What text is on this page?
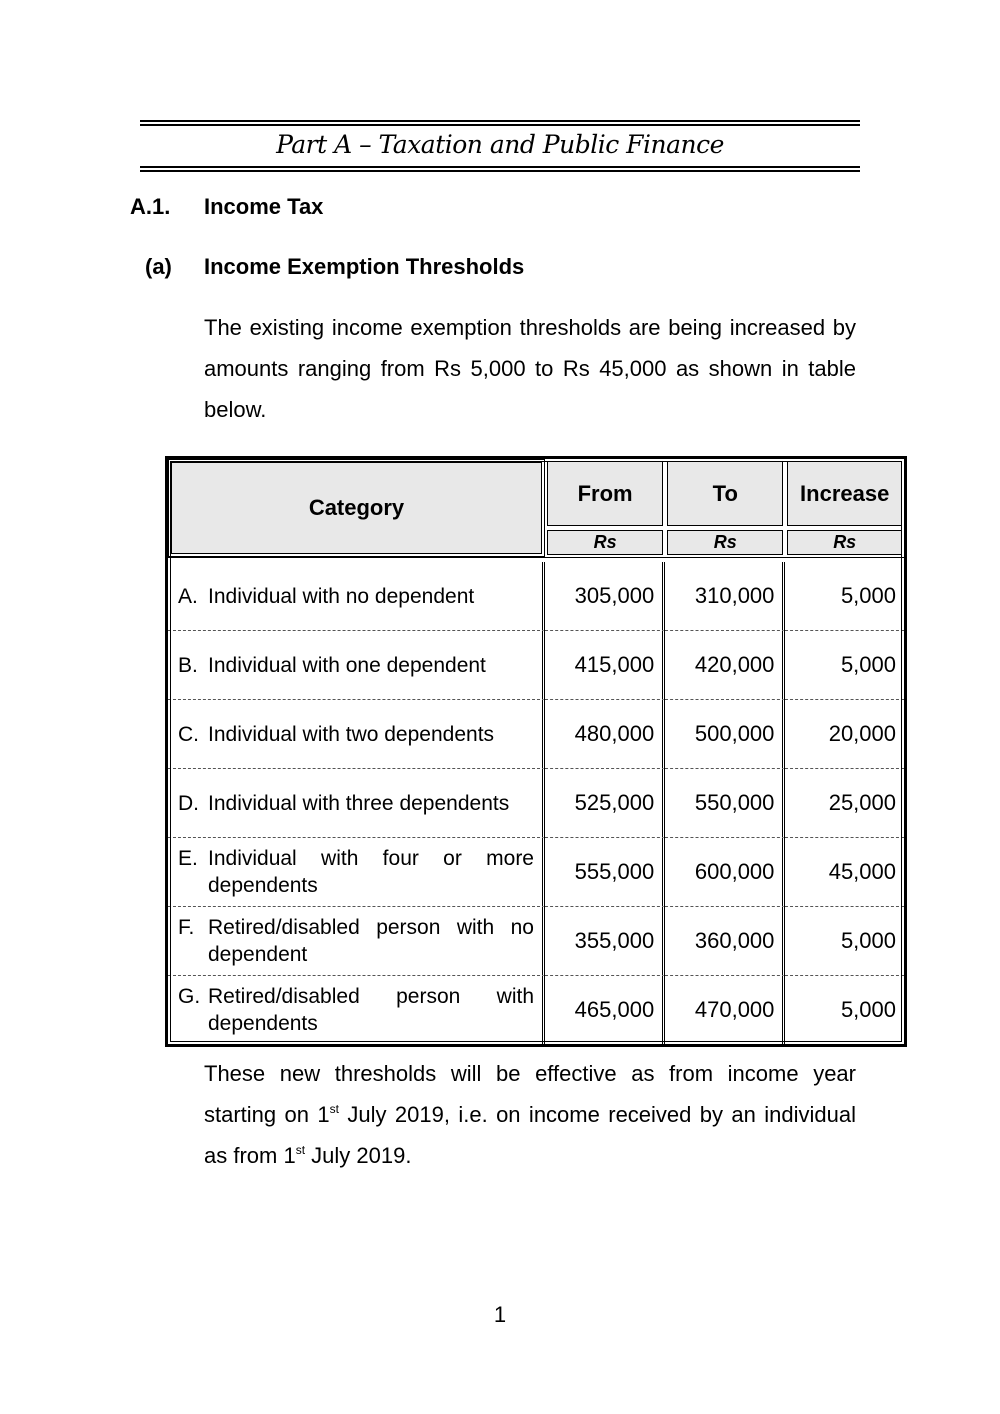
Part A – Taxation and Public Finance
A.1. Income Tax
(a) Income Exemption Thresholds
The existing income exemption thresholds are being increased by amounts ranging from Rs 5,000 to Rs 45,000 as shown in table below.
Category	From	To	Increase
	Rs	Rs	Rs

A. Individual with no dependent	305,000	310,000	5,000

B. Individual with one dependent	415,000	420,000	5,000

C. Individual with two dependents	480,000	500,000	20,000

D. Individual with three dependents	525,000	550,000	25,000

E. Individual with four or more dependents	555,000	600,000	45,000

F. Retired/disabled person with no dependent	355,000	360,000	5,000

G. Retired/disabled person with dependents	465,000	470,000	5,000
These new thresholds will be effective as from income year starting on 1st July 2019, i.e. on income received by an individual as from 1st July 2019.
1
